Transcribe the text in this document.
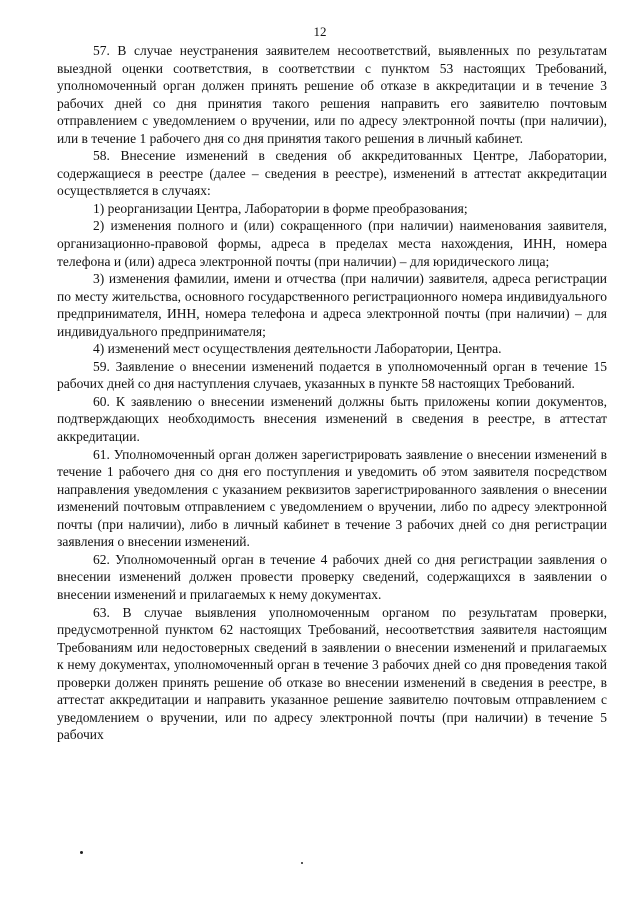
12

57. В случае неустранения заявителем несоответствий, выявленных по результатам выездной оценки соответствия, в соответствии с пунктом 53 настоящих Требований, уполномоченный орган должен принять решение об отказе в аккредитации и в течение 3 рабочих дней со дня принятия такого решения направить его заявителю почтовым отправлением с уведомлением о вручении, или по адресу электронной почты (при наличии), или в течение 1 рабочего дня со дня принятия такого решения в личный кабинет.

58. Внесение изменений в сведения об аккредитованных Центре, Лаборатории, содержащиеся в реестре (далее – сведения в реестре), изменений в аттестат аккредитации осуществляется в случаях:

1) реорганизации Центра, Лаборатории в форме преобразования;

2) изменения полного и (или) сокращенного (при наличии) наименования заявителя, организационно-правовой формы, адреса в пределах места нахождения, ИНН, номера телефона и (или) адреса электронной почты (при наличии) – для юридического лица;

3) изменения фамилии, имени и отчества (при наличии) заявителя, адреса регистрации по месту жительства, основного государственного регистрационного номера индивидуального предпринимателя, ИНН, номера телефона и адреса электронной почты (при наличии) – для индивидуального предпринимателя;

4) изменений мест осуществления деятельности Лаборатории, Центра.

59. Заявление о внесении изменений подается в уполномоченный орган в течение 15 рабочих дней со дня наступления случаев, указанных в пункте 58 настоящих Требований.

60. К заявлению о внесении изменений должны быть приложены копии документов, подтверждающих необходимость внесения изменений в сведения в реестре, в аттестат аккредитации.

61. Уполномоченный орган должен зарегистрировать заявление о внесении изменений в течение 1 рабочего дня со дня его поступления и уведомить об этом заявителя посредством направления уведомления с указанием реквизитов зарегистрированного заявления о внесении изменений почтовым отправлением с уведомлением о вручении, либо по адресу электронной почты (при наличии), либо в личный кабинет в течение 3 рабочих дней со дня регистрации заявления о внесении изменений.

62. Уполномоченный орган в течение 4 рабочих дней со дня регистрации заявления о внесении изменений должен провести проверку сведений, содержащихся в заявлении о внесении изменений и прилагаемых к нему документах.

63. В случае выявления уполномоченным органом по результатам проверки, предусмотренной пунктом 62 настоящих Требований, несоответствия заявителя настоящим Требованиям или недостоверных сведений в заявлении о внесении изменений и прилагаемых к нему документах, уполномоченный орган в течение 3 рабочих дней со дня проведения такой проверки должен принять решение об отказе во внесении изменений в сведения в реестре, в аттестат аккредитации и направить указанное решение заявителю почтовым отправлением с уведомлением о вручении, или по адресу электронной почты (при наличии) в течение 5 рабочих
